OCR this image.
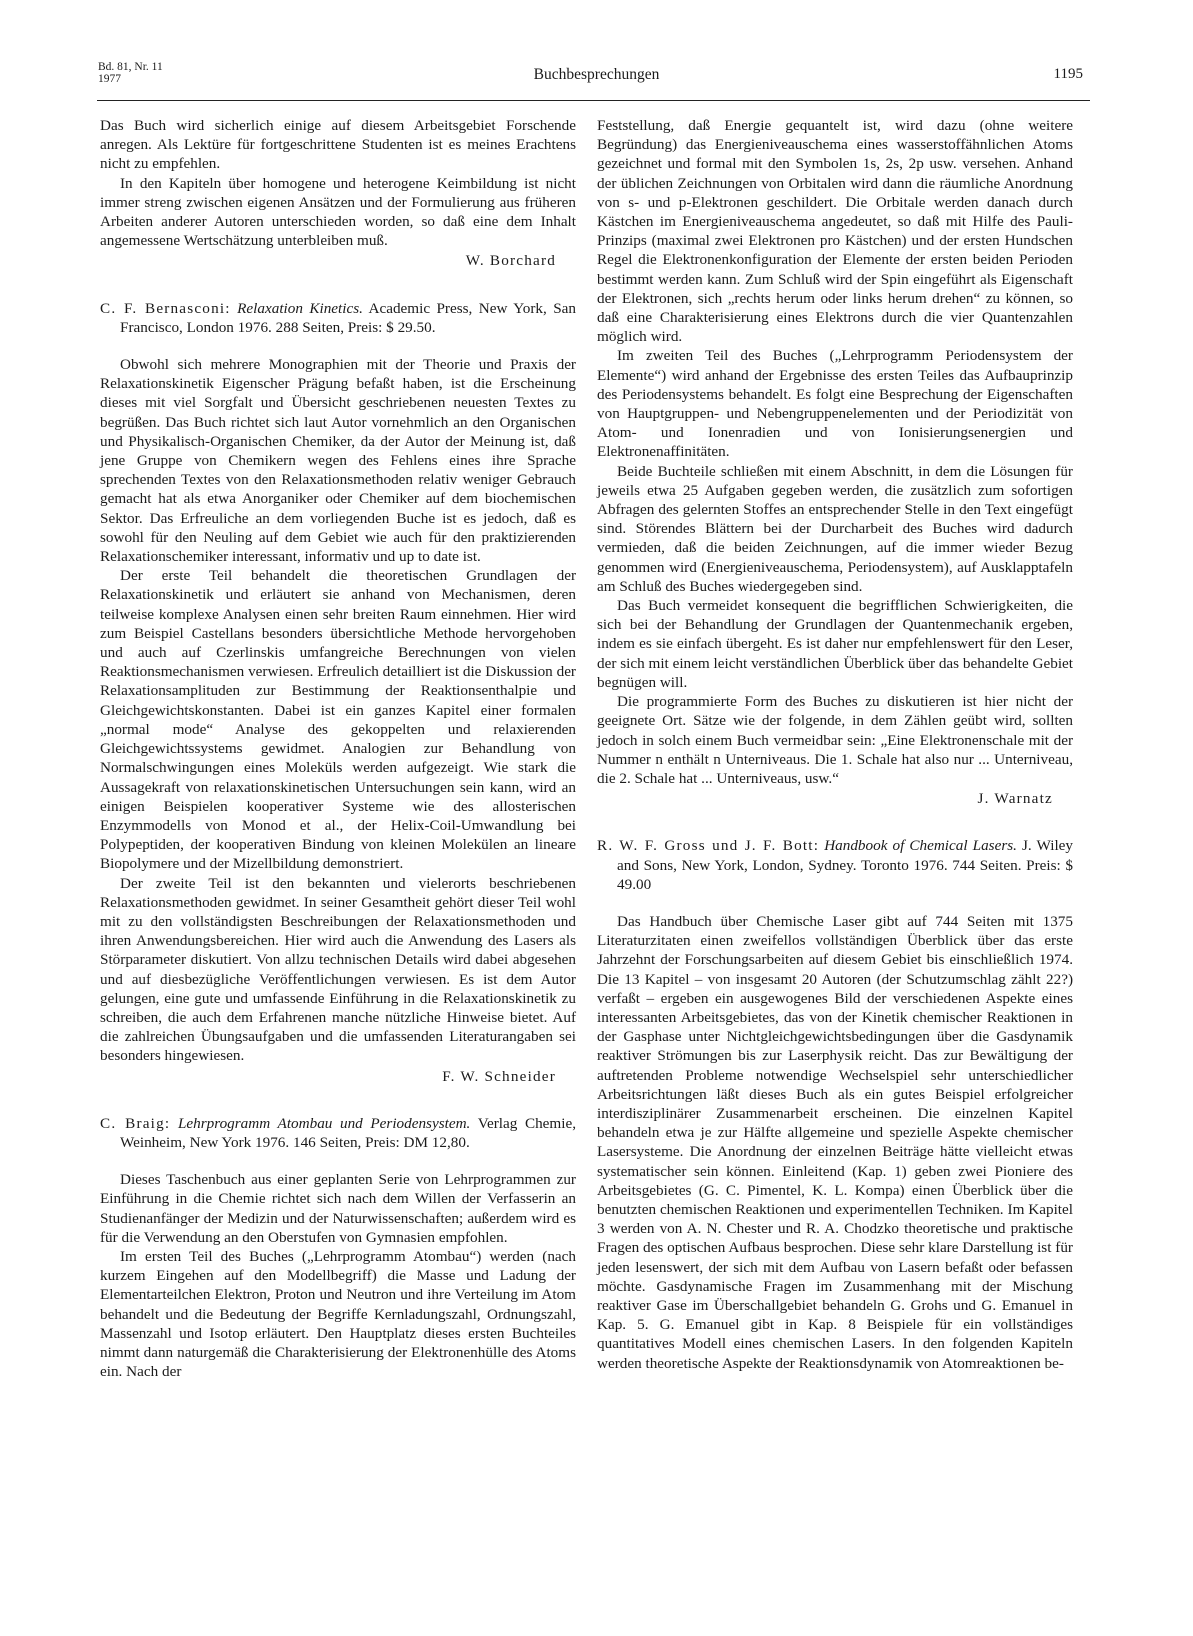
Bd. 81, Nr. 11
1977	Buchbesprechungen	1195

Das Buch wird sicherlich einige auf diesem Arbeitsgebiet Forschende anregen. Als Lektüre für fortgeschrittene Studenten ist es meines Erachtens nicht zu empfehlen.

In den Kapiteln über homogene und heterogene Keimbildung ist nicht immer streng zwischen eigenen Ansätzen und der Formulierung aus früheren Arbeiten anderer Autoren unterschieden worden, so daß eine dem Inhalt angemessene Wertschätzung unterbleiben muß.

W. Borchard
C. F. Bernasconi: Relaxation Kinetics. Academic Press, New York, San Francisco, London 1976. 288 Seiten, Preis: $ 29.50.

Obwohl sich mehrere Monographien mit der Theorie und Praxis der Relaxationskinetik Eigenscher Prägung befaßt haben, ist die Erscheinung dieses mit viel Sorgfalt und Übersicht geschriebenen neuesten Textes zu begrüßen. Das Buch richtet sich laut Autor vornehmlich an den Organischen und Physikalisch-Organischen Chemiker, da der Autor der Meinung ist, daß jene Gruppe von Chemikern wegen des Fehlens eines ihre Sprache sprechenden Textes von den Relaxationsmethoden relativ weniger Gebrauch gemacht hat als etwa Anorganiker oder Chemiker auf dem biochemischen Sektor. Das Erfreuliche an dem vorliegenden Buche ist es jedoch, daß es sowohl für den Neuling auf dem Gebiet wie auch für den praktizierenden Relaxationschemiker interessant, informativ und up to date ist.

Der erste Teil behandelt die theoretischen Grundlagen der Relaxationskinetik und erläutert sie anhand von Mechanismen, deren teilweise komplexe Analysen einen sehr breiten Raum einnehmen. Hier wird zum Beispiel Castellans besonders übersichtliche Methode hervorgehoben und auch auf Czerlinskis umfangreiche Berechnungen von vielen Reaktionsmechanismen verwiesen. Erfreulich detailliert ist die Diskussion der Relaxationsamplituden zur Bestimmung der Reaktionsenthalpie und Gleichgewichtskonstanten. Dabei ist ein ganzes Kapitel einer formalen „normal mode“ Analyse des gekoppelten und relaxierenden Gleichgewichtssystems gewidmet. Analogien zur Behandlung von Normalschwingungen eines Moleküls werden aufgezeigt. Wie stark die Aussagekraft von relaxationskinetischen Untersuchungen sein kann, wird an einigen Beispielen kooperativer Systeme wie des allosterischen Enzymmodells von Monod et al., der Helix-Coil-Umwandlung bei Polypeptiden, der kooperativen Bindung von kleinen Molekülen an lineare Biopolymere und der Mizellbildung demonstriert.

Der zweite Teil ist den bekannten und vielerorts beschriebenen Relaxationsmethoden gewidmet. In seiner Gesamtheit gehört dieser Teil wohl mit zu den vollständigsten Beschreibungen der Relaxationsmethoden und ihren Anwendungsbereichen. Hier wird auch die Anwendung des Lasers als Störparameter diskutiert. Von allzu technischen Details wird dabei abgesehen und auf diesbezügliche Veröffentlichungen verwiesen. Es ist dem Autor gelungen, eine gute und umfassende Einführung in die Relaxationskinetik zu schreiben, die auch dem Erfahrenen manche nützliche Hinweise bietet. Auf die zahlreichen Übungsaufgaben und die umfassenden Literaturangaben sei besonders hingewiesen.

F. W. Schneider
C. Braig: Lehrprogramm Atombau und Periodensystem. Verlag Chemie, Weinheim, New York 1976. 146 Seiten, Preis: DM 12,80.

Dieses Taschenbuch aus einer geplanten Serie von Lehrprogrammen zur Einführung in die Chemie richtet sich nach dem Willen der Verfasserin an Studienanfänger der Medizin und der Naturwissenschaften; außerdem wird es für die Verwendung an den Oberstufen von Gymnasien empfohlen.

Im ersten Teil des Buches („Lehrprogramm Atombau“) werden (nach kurzem Eingehen auf den Modellbegriff) die Masse und Ladung der Elementarteilchen Elektron, Proton und Neutron und ihre Verteilung im Atom behandelt und die Bedeutung der Begriffe Kernladungszahl, Ordnungszahl, Massenzahl und Isotop erläutert. Den Hauptplatz dieses ersten Buchteiles nimmt dann naturgemäß die Charakterisierung der Elektronenhülle des Atoms ein. Nach der

Feststellung, daß Energie gequantelt ist, wird dazu (ohne weitere Begründung) das Energieniveauschema eines wasserstoffähnlichen Atoms gezeichnet und formal mit den Symbolen 1s, 2s, 2p usw. versehen. Anhand der üblichen Zeichnungen von Orbitalen wird dann die räumliche Anordnung von s- und p-Elektronen geschildert. Die Orbitale werden danach durch Kästchen im Energieniveauschema angedeutet, so daß mit Hilfe des Pauli-Prinzips (maximal zwei Elektronen pro Kästchen) und der ersten Hundschen Regel die Elektronenkonfiguration der Elemente der ersten beiden Perioden bestimmt werden kann. Zum Schluß wird der Spin eingeführt als Eigenschaft der Elektronen, sich „rechts herum oder links herum drehen“ zu können, so daß eine Charakterisierung eines Elektrons durch die vier Quantenzahlen möglich wird.

Im zweiten Teil des Buches („Lehrprogramm Periodensystem der Elemente“) wird anhand der Ergebnisse des ersten Teiles das Aufbauprinzip des Periodensystems behandelt. Es folgt eine Besprechung der Eigenschaften von Hauptgruppen- und Nebengruppenelementen und der Periodizität von Atom- und Ionenradien und von Ionisierungsenergien und Elektronenaffinitäten.

Beide Buchteile schließen mit einem Abschnitt, in dem die Lösungen für jeweils etwa 25 Aufgaben gegeben werden, die zusätzlich zum sofortigen Abfragen des gelernten Stoffes an entsprechender Stelle in den Text eingefügt sind. Störendes Blättern bei der Durcharbeit des Buches wird dadurch vermieden, daß die beiden Zeichnungen, auf die immer wieder Bezug genommen wird (Energieniveauschema, Periodensystem), auf Ausklapptafeln am Schluß des Buches wiedergegeben sind.

Das Buch vermeidet konsequent die begrifflichen Schwierigkeiten, die sich bei der Behandlung der Grundlagen der Quantenmechanik ergeben, indem es sie einfach übergeht. Es ist daher nur empfehlenswert für den Leser, der sich mit einem leicht verständlichen Überblick über das behandelte Gebiet begnügen will.

Die programmierte Form des Buches zu diskutieren ist hier nicht der geeignete Ort. Sätze wie der folgende, in dem Zählen geübt wird, sollten jedoch in solch einem Buch vermeidbar sein: „Eine Elektronenschale mit der Nummer n enthält n Unterniveaus. Die 1. Schale hat also nur ... Unterniveau, die 2. Schale hat ... Unterniveaus, usw.“

J. Warnatz
R. W. F. Gross und J. F. Bott: Handbook of Chemical Lasers. J. Wiley and Sons, New York, London, Sydney. Toronto 1976. 744 Seiten. Preis: $ 49.00

Das Handbuch über Chemische Laser gibt auf 744 Seiten mit 1375 Literaturzitaten einen zweifellos vollständigen Überblick über das erste Jahrzehnt der Forschungsarbeiten auf diesem Gebiet bis einschließlich 1974. Die 13 Kapitel – von insgesamt 20 Autoren (der Schutzumschlag zählt 22?) verfaßt – ergeben ein ausgewogenes Bild der verschiedenen Aspekte eines interessanten Arbeitsgebietes, das von der Kinetik chemischer Reaktionen in der Gasphase unter Nichtgleichgewichtsbedingungen über die Gasdynamik reaktiver Strömungen bis zur Laserphysik reicht. Das zur Bewältigung der auftretenden Probleme notwendige Wechselspiel sehr unterschiedlicher Arbeitsrichtungen läßt dieses Buch als ein gutes Beispiel erfolgreicher interdisziplinärer Zusammenarbeit erscheinen. Die einzelnen Kapitel behandeln etwa je zur Hälfte allgemeine und spezielle Aspekte chemischer Lasersysteme. Die Anordnung der einzelnen Beiträge hätte vielleicht etwas systematischer sein können. Einleitend (Kap. 1) geben zwei Pioniere des Arbeitsgebietes (G. C. Pimentel, K. L. Kompa) einen Überblick über die benutzten chemischen Reaktionen und experimentellen Techniken. Im Kapitel 3 werden von A. N. Chester und R. A. Chodzko theoretische und praktische Fragen des optischen Aufbaus besprochen. Diese sehr klare Darstellung ist für jeden lesenswert, der sich mit dem Aufbau von Lasern befaßt oder befassen möchte. Gasdynamische Fragen im Zusammenhang mit der Mischung reaktiver Gase im Überschallgebiet behandeln G. Grohs und G. Emanuel in Kap. 5. G. Emanuel gibt in Kap. 8 Beispiele für ein vollständiges quantitatives Modell eines chemischen Lasers. In den folgenden Kapiteln werden theoretische Aspekte der Reaktionsdynamik von Atomreaktionen be-
